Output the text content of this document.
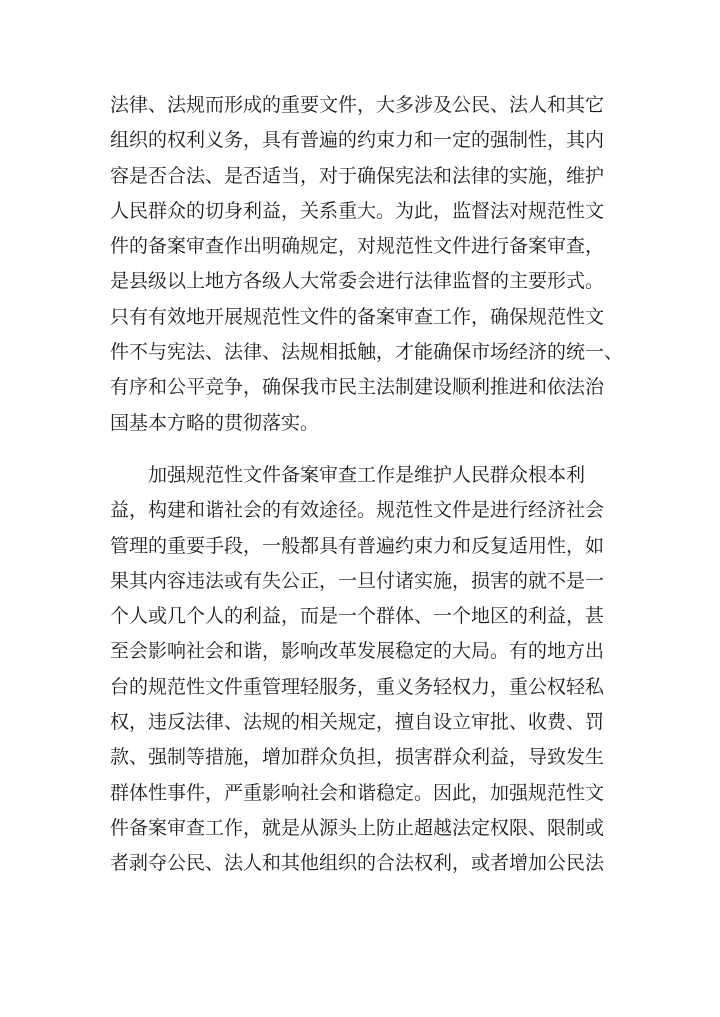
法律、法规而形成的重要文件，大多涉及公民、法人和其它
组织的权利义务，具有普遍的约束力和一定的强制性，其内
容是否合法、是否适当，对于确保宪法和法律的实施，维护
人民群众的切身利益，关系重大。为此，监督法对规范性文
件的备案审查作出明确规定，对规范性文件进行备案审查，
是县级以上地方各级人大常委会进行法律监督的主要形式。
只有有效地开展规范性文件的备案审查工作，确保规范性文
件不与宪法、法律、法规相抵触，才能确保市场经济的统一、
有序和公平竞争，确保我市民主法制建设顺利推进和依法治
国基本方略的贯彻落实。
加强规范性文件备案审查工作是维护人民群众根本利
益，构建和谐社会的有效途径。规范性文件是进行经济社会
管理的重要手段，一般都具有普遍约束力和反复适用性，如
果其内容违法或有失公正，一旦付诸实施，损害的就不是一
个人或几个人的利益，而是一个群体、一个地区的利益，甚
至会影响社会和谐，影响改革发展稳定的大局。有的地方出
台的规范性文件重管理轻服务，重义务轻权力，重公权轻私
权，违反法律、法规的相关规定，擅自设立审批、收费、罚
款、强制等措施，增加群众负担，损害群众利益，导致发生
群体性事件，严重影响社会和谐稳定。因此，加强规范性文
件备案审查工作，就是从源头上防止超越法定权限、限制或
者剥夺公民、法人和其他组织的合法权利，或者增加公民法
